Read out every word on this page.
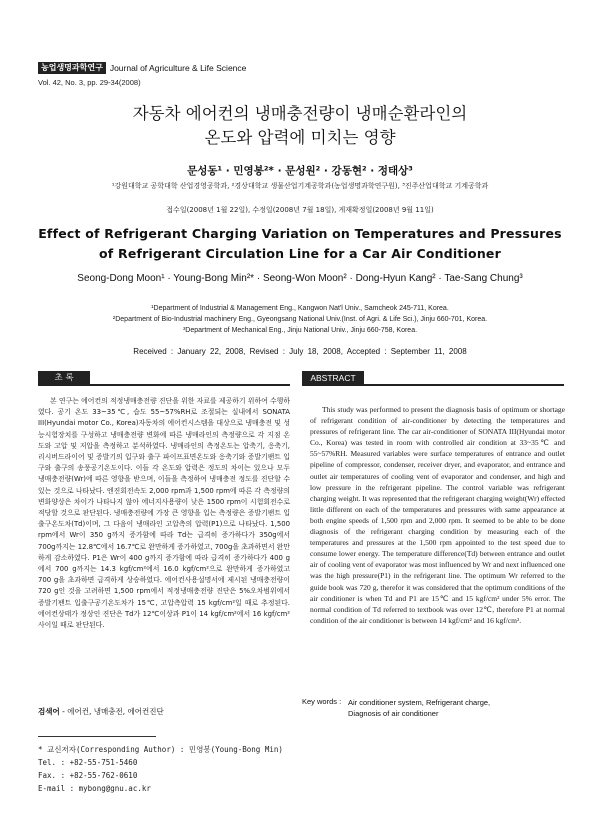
농업생명과학연구 Journal of Agriculture & Life Science
Vol. 42, No. 3, pp. 29-34(2008)
자동차 에어컨의 냉매충전량이 냉매순환라인의
온도와 압력에 미치는 영향
문성동¹ · 민영봉²* · 문성원² · 강동현² · 정태상³
¹강원대학교 공학대학 산업경영공학과, ²경상대학교 생물산업기계공학과(농업생명과학연구원), ³진주산업대학교 기계공학과
접수일(2008년 1월 22일), 수정일(2008년 7월 18일), 게재확정일(2008년 9월 11일)
Effect of Refrigerant Charging Variation on Temperatures and Pressures
of Refrigerant Circulation Line for a Car Air Conditioner
Seong-Dong Moon¹ · Young-Bong Min²* · Seong-Won Moon² · Dong-Hyun Kang² · Tae-Sang Chung³
¹Department of Industrial & Management Eng., Kangwon Nat'l Univ., Samcheok 245-711, Korea.
²Department of Bio-Industrial machinery Eng., Gyeongsang National Univ.(Inst. of Agri. & Life Sci.), Jinju 660-701, Korea.
³Department of Mechanical Eng., Jinju National Univ., Jinju 660-758, Korea.
Received : January 22, 2008, Revised : July 18, 2008, Accepted : September 11, 2008
초 록	ABSTRACT
본 연구는 에어컨의 적정냉매충전량 진단을 위한 자료를 제공하기 위하여 수행하였다. 공기 온도 33~35℃, 습도 55~57%RH로 조절되는 실내에서 SONATA III(Hyundai motor Co., Korea)자동차의 에어컨시스템을 대상으로 냉매충전 및 성능시험장치를 구성하고 냉매충전량 변화에 따른 냉매라인의 측정량으로 각 지점 온도와 고압 및 저압을 측정하고 분석하였다. 냉매라인의 측정온도는 압축기, 응축기, 리시버드라이어 및 증발기의 입구와 출구 파이프표면온도와 응축기와 증발기팬트 입구와 출구의 송풍공기온도이다. 이들 각 온도와 압력은 정도의 차이는 있으나 모두 냉매충전량(Wr)에 따른 영향을 받으며, 이들을 측정하여 냉매충전 정도를 진단할 수 있는 것으로 나타났다. 엔진회전속도 2,000 rpm과 1,500 rpm에 따른 각 측정량의 변화양상은 차이가 나타나지 않아 에너지사용량이 낮은 1500 rpm이 시험회전수로 적당할 것으로 판단된다. 냉매충전량에 가장 큰 영향을 입는 측정량은 증발기팬트 입출구온도차(Td)이며, 그 다음이 냉매라인 고압측의 압력(P1)으로 나타났다. 1,500 rpm에서 Wr이 350 g까지 증가함에 따라 Td는 급격히 증가하다가 350g에서 700g까지는 12.8℃에서 16.7℃로 완만하게 증가하였고, 700g을 초과하면서 완만하게 감소하였다. P1은 Wr이 400 g까지 증가함에 따라 급격히 증가하다가 400 g에서 700 g까지는 14.3 kgf/cm²에서 16.0 kgf/cm²으로 완만하게 증가하였고 700 g을 초과하면 급격하게 상승하였다. 에어컨사용설명서에 제시된 냉매충전량이 720 g인 것을 고려하면 1,500 rpm에서 적정냉매충전량 진단은 5%오차범위에서 증발기팬트 입출구공기온도차가 15℃, 고압측압력 15 kgf/cm²일 때로 추정된다. 에어컨상태가 정상인 진단은 Td가 12℃이상과 P1이 14 kgf/cm²에서 16 kgf/cm² 사이일 때로 판단된다.
This study was performed to present the diagnosis basis of optimum or shortage of refrigerant condition of air-conditioner by detecting the temperatures and pressures of refrigerant line. The car air-conditioner of SONATA III(Hyundai motor Co., Korea) was tested in room with controlled air condition at 33~35℃ and 55~57%RH. Measured variables were surface temperatures of entrance and outlet pipeline of compressor, condenser, receiver dryer, and evaporator, and entrance and outlet air temperatures of cooling vent of evaporator and condenser, and high and low pressure in the refrigerant pipeline. The control variable was refrigerant charging weight. It was represented that the refrigerant charging weight(Wr) effected little different on each of the temperatures and pressures with same appearance at both engine speeds of 1,500 rpm and 2,000 rpm. It seemed to be able to be done diagnosis of the refrigerant charging condition by measuring each of the temperatures and pressures at the 1,500 rpm appointed to the test speed due to consume lower energy. The temperature difference(Td) between entrance and outlet air of cooling vent of evaporator was most influenced by Wr and next influenced one was the high pressure(P1) in the refrigerant line. The optimum Wr referred to the guide book was 720 g, therefor it was considered that the optimum conditions of the air conditioner is when Td and P1 are 15℃ and 15 kgf/cm² under 5% error. The normal condition of Td referred to textbook was over 12℃, therefore P1 at normal condition of the air conditioner is between 14 kgf/cm² and 16 kgf/cm².
검색어 - 에어컨, 냉매충전, 에어컨진단
Key words : Air conditioner system, Refrigerant charge,
Diagnosis of air conditioner
* 교신저자(Corresponding Author) : 민영봉(Young-Bong Min)
Tel. : +82-55-751-5460
Fax. : +82-55-762-0610
E-mail : mybong@gnu.ac.kr
